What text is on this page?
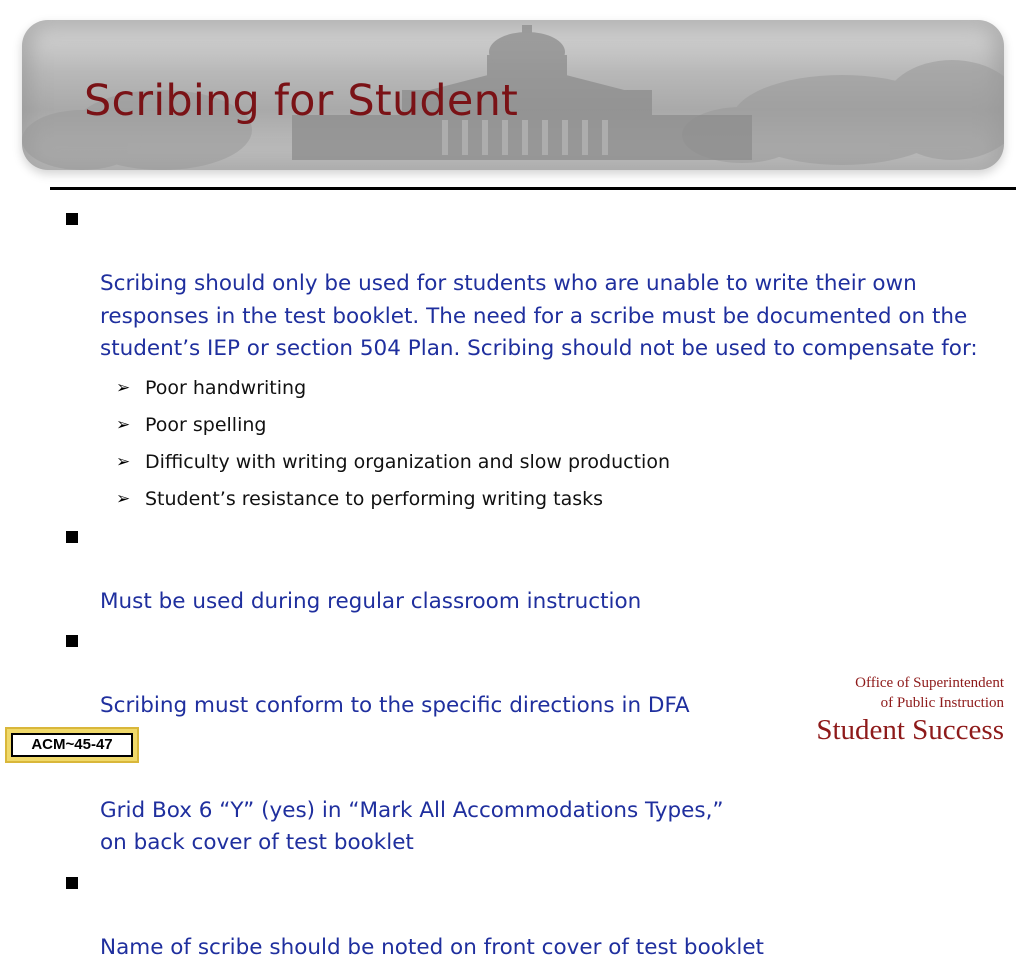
Scribing for Student

Scribing should only be used for students who are unable to write their own responses in the test booklet. The need for a scribe must be documented on the student’s IEP or section 504 Plan. Scribing should not be used to compensate for:

➢ Poor handwriting
➢ Poor spelling
➢ Difficulty with writing organization and slow production
➢ Student’s resistance to performing writing tasks

Must be used during regular classroom instruction

Scribing must conform to the specific directions in DFA

Grid Box 6 “Y” (yes) in “Mark All Accommodations Types,”
on back cover of test booklet

Name of scribe should be noted on front cover of test booklet

Office of Superintendent
of Public Instruction
Student Success
ACM~45-47
